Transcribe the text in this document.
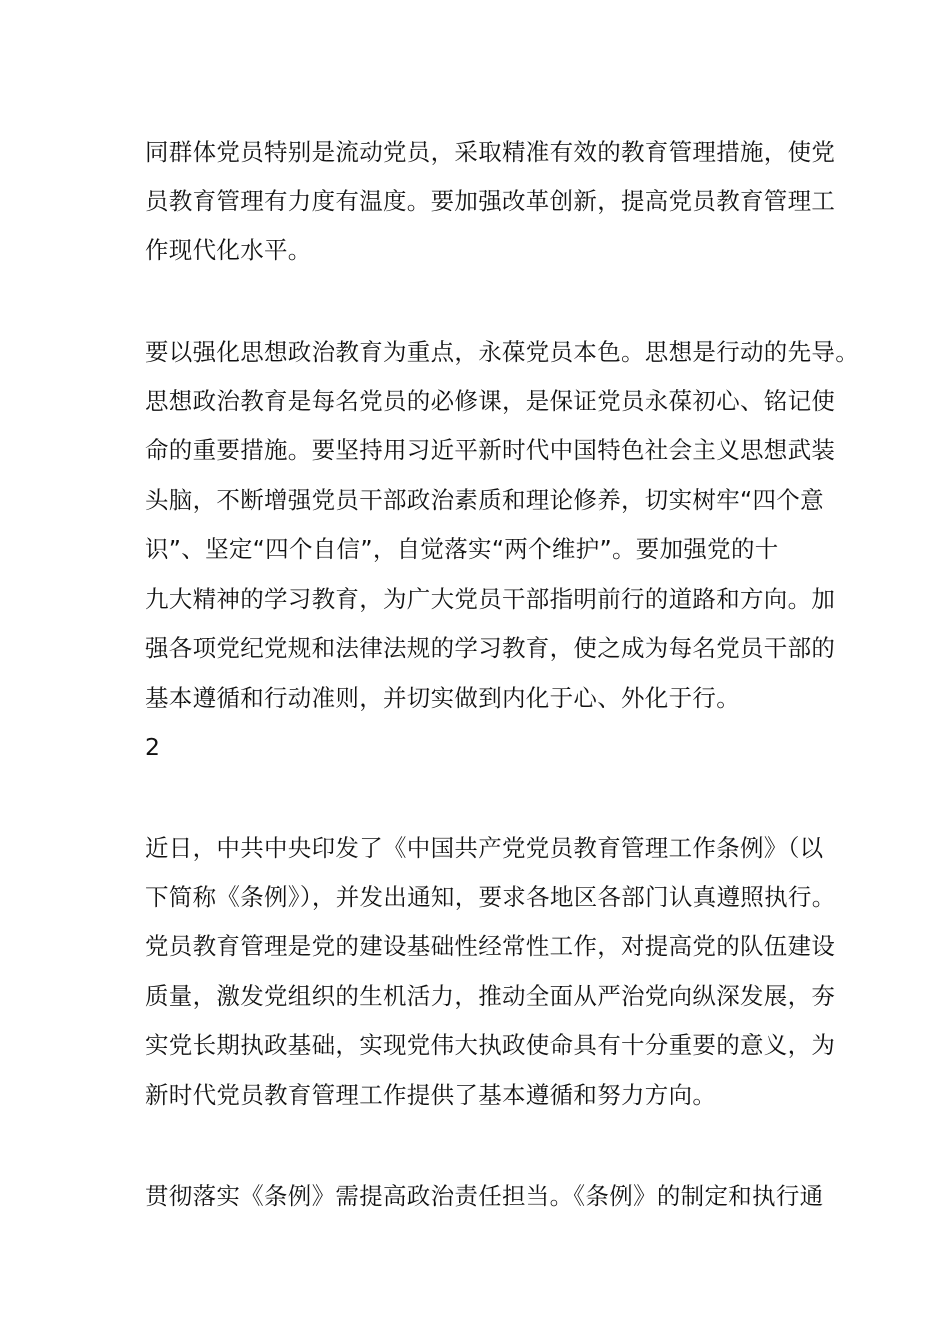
同群体党员特别是流动党员，采取精准有效的教育管理措施，使党
员教育管理有力度有温度。要加强改革创新，提高党员教育管理工
作现代化水平。
要以强化思想政治教育为重点，永葆党员本色。思想是行动的先导。
思想政治教育是每名党员的必修课，是保证党员永葆初心、铭记使
命的重要措施。要坚持用习近平新时代中国特色社会主义思想武装
头脑，不断增强党员干部政治素质和理论修养，切实树牢“四个意
识”、坚定“四个自信”，自觉落实“两个维护”。要加强党的十
九大精神的学习教育，为广大党员干部指明前行的道路和方向。加
强各项党纪党规和法律法规的学习教育，使之成为每名党员干部的
基本遵循和行动准则，并切实做到内化于心、外化于行。
2
近日，中共中央印发了《中国共产党党员教育管理工作条例》（以
下简称《条例》），并发出通知，要求各地区各部门认真遵照执行。
党员教育管理是党的建设基础性经常性工作，对提高党的队伍建设
质量，激发党组织的生机活力，推动全面从严治党向纵深发展，夯
实党长期执政基础，实现党伟大执政使命具有十分重要的意义，为
新时代党员教育管理工作提供了基本遵循和努力方向。
贯彻落实《条例》需提高政治责任担当。《条例》的制定和执行通
